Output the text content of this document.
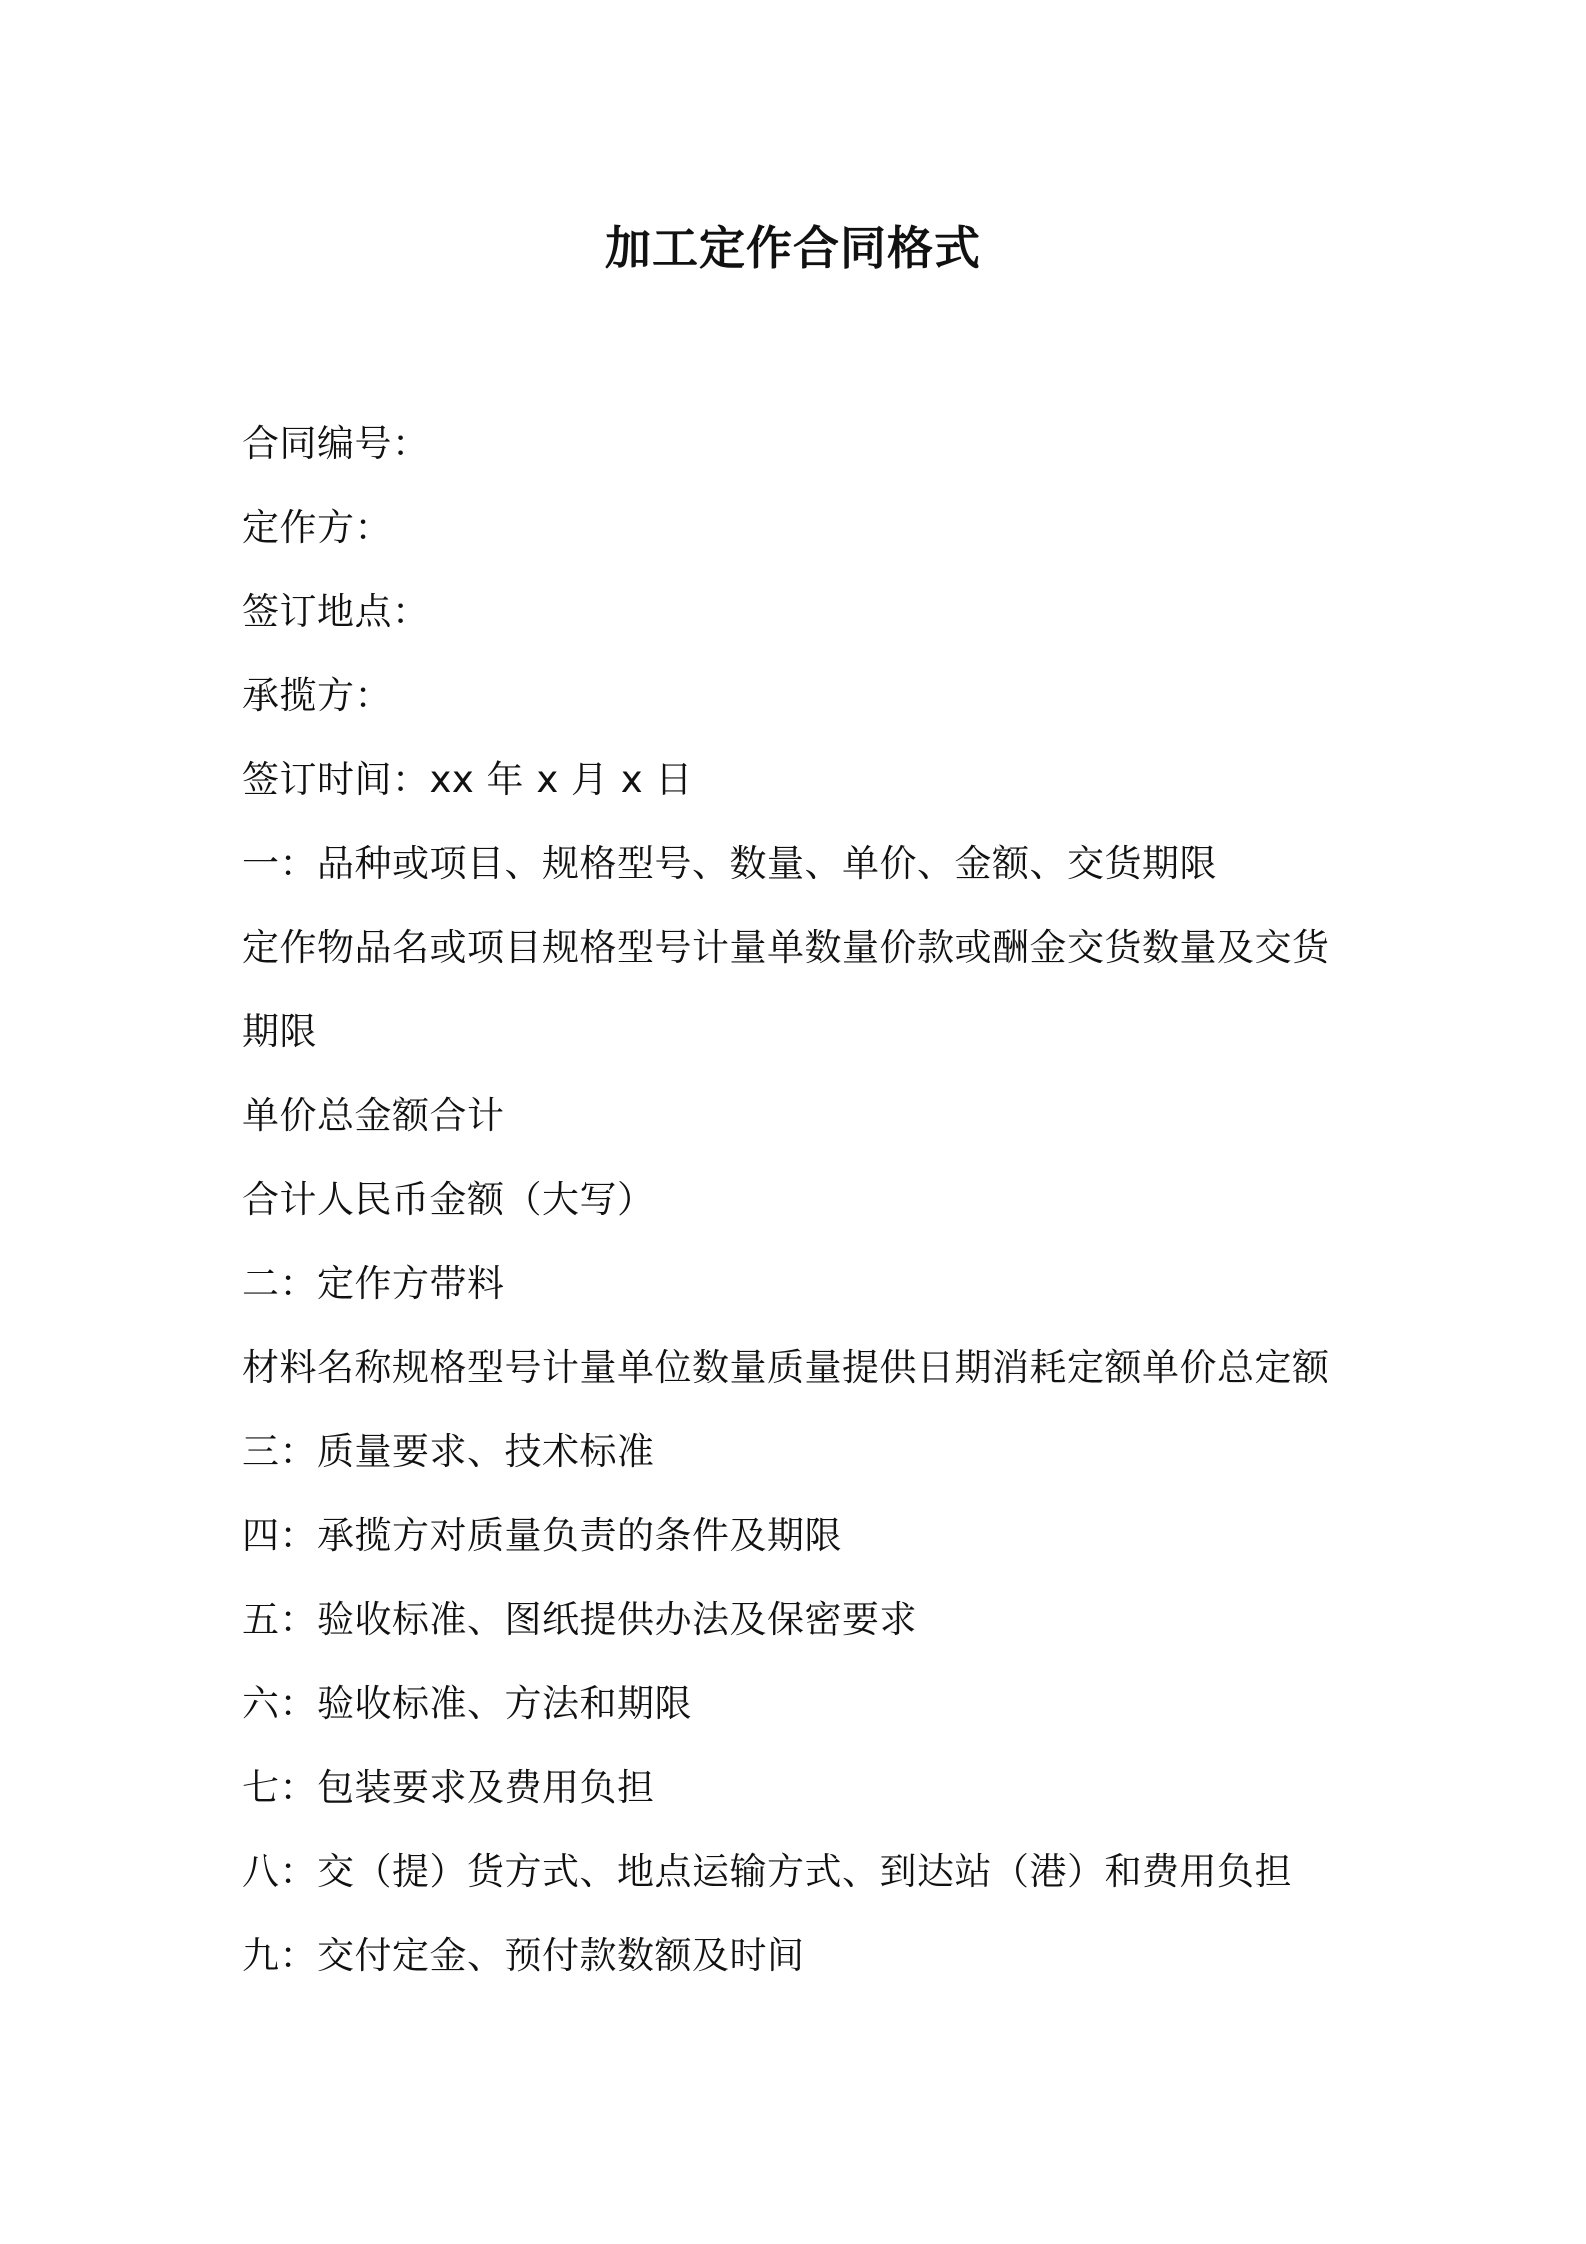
加工定作合同格式
合同编号：
定作方：
签订地点：
承揽方：
签订时间：xx 年 x 月 x 日
一：品种或项目、规格型号、数量、单价、金额、交货期限
定作物品名或项目规格型号计量单数量价款或酬金交货数量及交货
期限
单价总金额合计
合计人民币金额（大写）
二：定作方带料
材料名称规格型号计量单位数量质量提供日期消耗定额单价总定额
三：质量要求、技术标准
四：承揽方对质量负责的条件及期限
五：验收标准、图纸提供办法及保密要求
六：验收标准、方法和期限
七：包装要求及费用负担
八：交（提）货方式、地点运输方式、到达站（港）和费用负担
九：交付定金、预付款数额及时间
